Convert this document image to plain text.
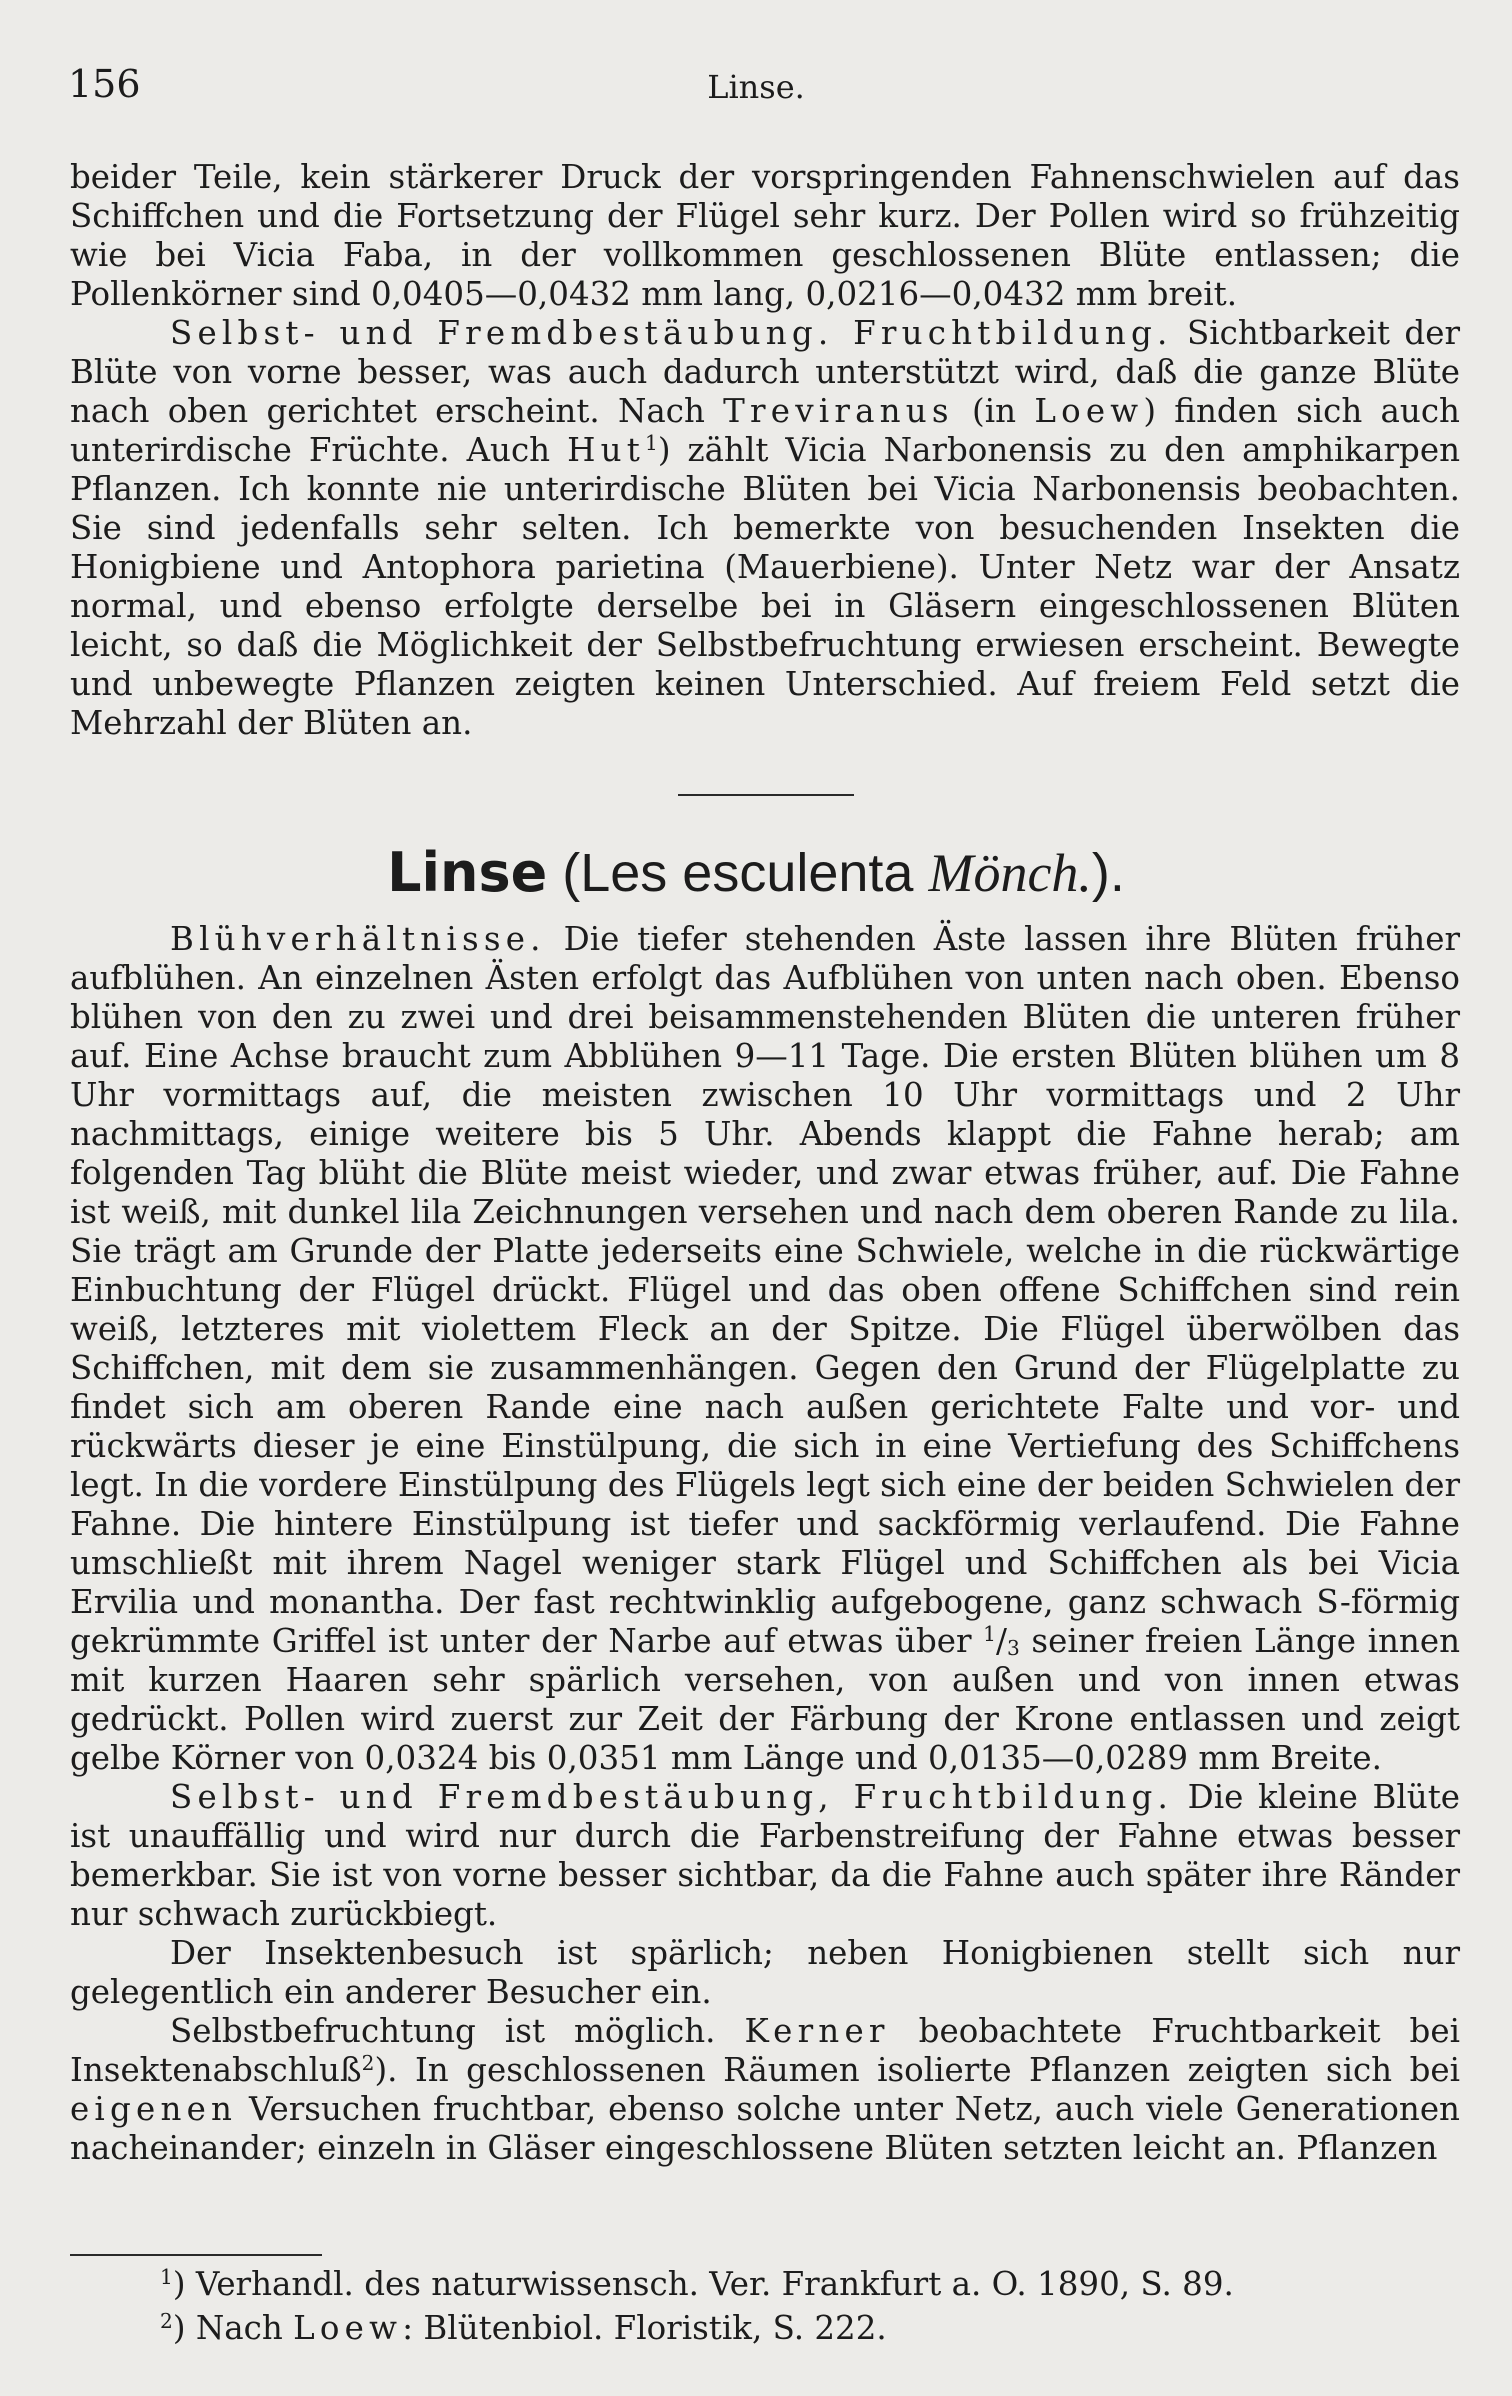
156	Linse.

beider Teile, kein stärkerer Druck der vorspringenden Fahnenschwielen auf das Schiffchen und die Fortsetzung der Flügel sehr kurz. Der Pollen wird so frühzeitig wie bei Vicia Faba, in der vollkommen geschlossenen Blüte entlassen; die Pollenkörner sind 0,0405—0,0432 mm lang, 0,0216—0,0432 mm breit.

Selbst- und Fremdbestäubung. Fruchtbildung. Sichtbarkeit der Blüte von vorne besser, was auch dadurch unterstützt wird, daß die ganze Blüte nach oben gerichtet erscheint. Nach Treviranus (in Loew) finden sich auch unterirdische Früchte. Auch Hut$^1$) zählt Vicia Narbonensis zu den amphikarpen Pflanzen. Ich konnte nie unterirdische Blüten bei Vicia Narbonensis beobachten. Sie sind jedenfalls sehr selten. Ich bemerkte von besuchenden Insekten die Honigbiene und Antophora parietina (Mauerbiene). Unter Netz war der Ansatz normal, und ebenso erfolgte derselbe bei in Gläsern eingeschlossenen Blüten leicht, so daß die Möglichkeit der Selbstbefruchtung erwiesen erscheint. Bewegte und unbewegte Pflanzen zeigten keinen Unterschied. Auf freiem Feld setzt die Mehrzahl der Blüten an.

Linse (Les esculenta Mönch.).

Blühverhältnisse. Die tiefer stehenden Äste lassen ihre Blüten früher aufblühen. An einzelnen Ästen erfolgt das Aufblühen von unten nach oben. Ebenso blühen von den zu zwei und drei beisammenstehenden Blüten die unteren früher auf. Eine Achse braucht zum Abblühen 9—11 Tage. Die ersten Blüten blühen um 8 Uhr vormittags auf, die meisten zwischen 10 Uhr vormittags und 2 Uhr nachmittags, einige weitere bis 5 Uhr. Abends klappt die Fahne herab; am folgenden Tag blüht die Blüte meist wieder, und zwar etwas früher, auf. Die Fahne ist weiß, mit dunkel lila Zeichnungen versehen und nach dem oberen Rande zu lila. Sie trägt am Grunde der Platte jederseits eine Schwiele, welche in die rückwärtige Einbuchtung der Flügel drückt. Flügel und das oben offene Schiffchen sind rein weiß, letzteres mit violettem Fleck an der Spitze. Die Flügel überwölben das Schiffchen, mit dem sie zusammenhängen. Gegen den Grund der Flügelplatte zu findet sich am oberen Rande eine nach außen gerichtete Falte und vor- und rückwärts dieser je eine Einstülpung, die sich in eine Vertiefung des Schiffchens legt. In die vordere Einstülpung des Flügels legt sich eine der beiden Schwielen der Fahne. Die hintere Einstülpung ist tiefer und sackförmig verlaufend. Die Fahne umschließt mit ihrem Nagel weniger stark Flügel und Schiffchen als bei Vicia Ervilia und monantha. Der fast rechtwinklig aufgebogene, ganz schwach S-förmig gekrümmte Griffel ist unter der Narbe auf etwas über $^1/_3$ seiner freien Länge innen mit kurzen Haaren sehr spärlich versehen, von außen und von innen etwas gedrückt. Pollen wird zuerst zur Zeit der Färbung der Krone entlassen und zeigt gelbe Körner von 0,0324 bis 0,0351 mm Länge und 0,0135—0,0289 mm Breite.

Selbst- und Fremdbestäubung, Fruchtbildung. Die kleine Blüte ist unauffällig und wird nur durch die Farbenstreifung der Fahne etwas besser bemerkbar. Sie ist von vorne besser sichtbar, da die Fahne auch später ihre Ränder nur schwach zurückbiegt.

Der Insektenbesuch ist spärlich; neben Honigbienen stellt sich nur gelegentlich ein anderer Besucher ein.

Selbstbefruchtung ist möglich. Kerner beobachtete Fruchtbarkeit bei Insektenabschluß$^2$). In geschlossenen Räumen isolierte Pflanzen zeigten sich bei eigenen Versuchen fruchtbar, ebenso solche unter Netz, auch viele Generationen nacheinander; einzeln in Gläser eingeschlossene Blüten setzten leicht an. Pflanzen

$^1$) Verhandl. des naturwissensch. Ver. Frankfurt a. O. 1890, S. 89.
$^2$) Nach Loew: Blütenbiol. Floristik, S. 222.
